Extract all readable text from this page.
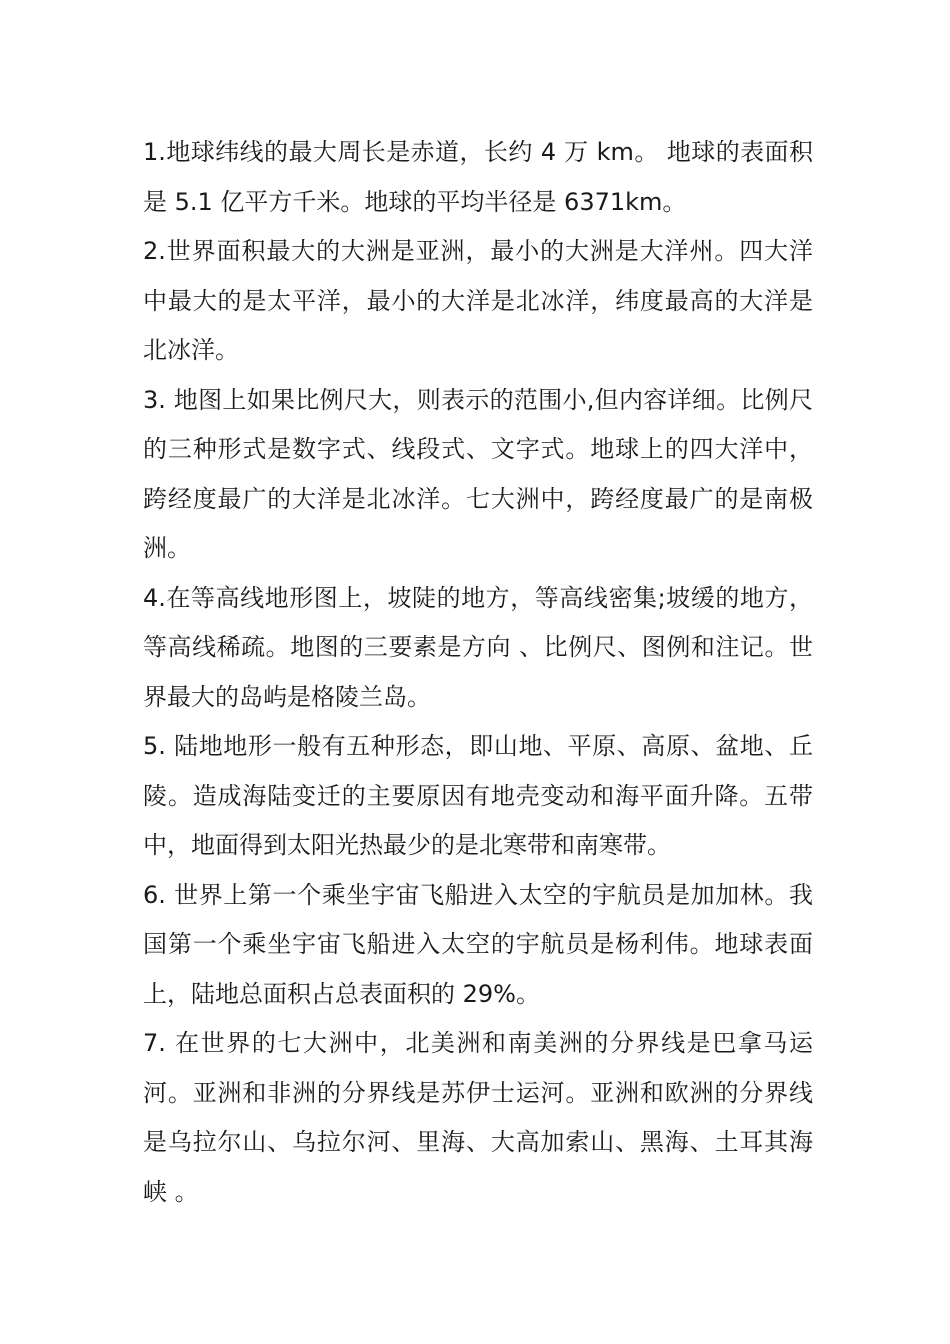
1.地球纬线的最大周长是赤道，长约 4 万 km。 地球的表面积是 5.1 亿平方千米。地球的平均半径是 6371km。

2.世界面积最大的大洲是亚洲，最小的大洲是大洋州。四大洋中最大的是太平洋，最小的大洋是北冰洋，纬度最高的大洋是北冰洋。

3. 地图上如果比例尺大，则表示的范围小,但内容详细。比例尺的三种形式是数字式、线段式、文字式。地球上的四大洋中，跨经度最广的大洋是北冰洋。七大洲中，跨经度最广的是南极洲。

4.在等高线地形图上，坡陡的地方，等高线密集;坡缓的地方，等高线稀疏。地图的三要素是方向 、比例尺、图例和注记。世界最大的岛屿是格陵兰岛。

5. 陆地地形一般有五种形态，即山地、平原、高原、盆地、丘陵。造成海陆变迁的主要原因有地壳变动和海平面升降。五带中，地面得到太阳光热最少的是北寒带和南寒带。

6. 世界上第一个乘坐宇宙飞船进入太空的宇航员是加加林。我国第一个乘坐宇宙飞船进入太空的宇航员是杨利伟。地球表面上，陆地总面积占总表面积的 29%。

7. 在世界的七大洲中，北美洲和南美洲的分界线是巴拿马运河。亚洲和非洲的分界线是苏伊士运河。亚洲和欧洲的分界线是乌拉尔山、乌拉尔河、里海、大高加索山、黑海、土耳其海峡 。
